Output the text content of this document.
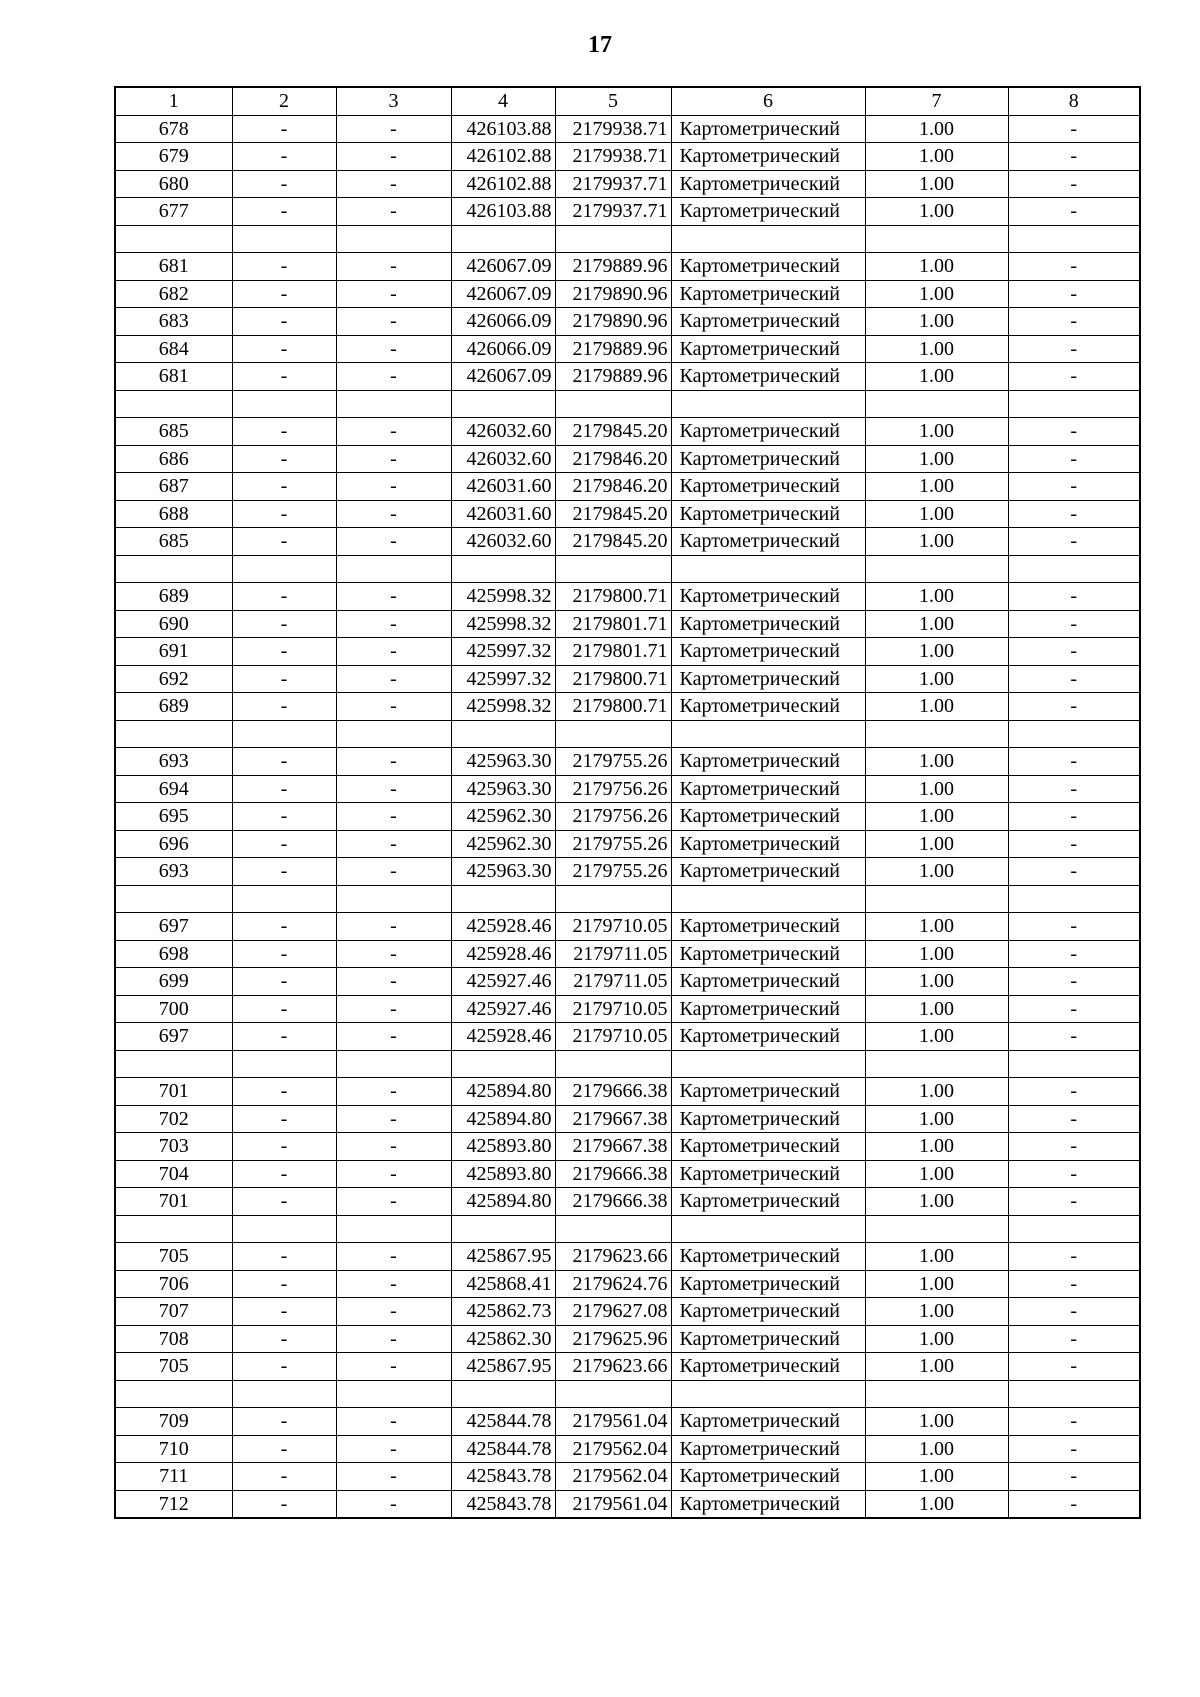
17
1	2	3	4	5	6	7	8
678	-	-	426103.88	2179938.71	Картометрический	1.00	-
679	-	-	426102.88	2179938.71	Картометрический	1.00	-
680	-	-	426102.88	2179937.71	Картометрический	1.00	-
677	-	-	426103.88	2179937.71	Картометрический	1.00	-

681	-	-	426067.09	2179889.96	Картометрический	1.00	-
682	-	-	426067.09	2179890.96	Картометрический	1.00	-
683	-	-	426066.09	2179890.96	Картометрический	1.00	-
684	-	-	426066.09	2179889.96	Картометрический	1.00	-
681	-	-	426067.09	2179889.96	Картометрический	1.00	-

685	-	-	426032.60	2179845.20	Картометрический	1.00	-
686	-	-	426032.60	2179846.20	Картометрический	1.00	-
687	-	-	426031.60	2179846.20	Картометрический	1.00	-
688	-	-	426031.60	2179845.20	Картометрический	1.00	-
685	-	-	426032.60	2179845.20	Картометрический	1.00	-

689	-	-	425998.32	2179800.71	Картометрический	1.00	-
690	-	-	425998.32	2179801.71	Картометрический	1.00	-
691	-	-	425997.32	2179801.71	Картометрический	1.00	-
692	-	-	425997.32	2179800.71	Картометрический	1.00	-
689	-	-	425998.32	2179800.71	Картометрический	1.00	-

693	-	-	425963.30	2179755.26	Картометрический	1.00	-
694	-	-	425963.30	2179756.26	Картометрический	1.00	-
695	-	-	425962.30	2179756.26	Картометрический	1.00	-
696	-	-	425962.30	2179755.26	Картометрический	1.00	-
693	-	-	425963.30	2179755.26	Картометрический	1.00	-

697	-	-	425928.46	2179710.05	Картометрический	1.00	-
698	-	-	425928.46	2179711.05	Картометрический	1.00	-
699	-	-	425927.46	2179711.05	Картометрический	1.00	-
700	-	-	425927.46	2179710.05	Картометрический	1.00	-
697	-	-	425928.46	2179710.05	Картометрический	1.00	-

701	-	-	425894.80	2179666.38	Картометрический	1.00	-
702	-	-	425894.80	2179667.38	Картометрический	1.00	-
703	-	-	425893.80	2179667.38	Картометрический	1.00	-
704	-	-	425893.80	2179666.38	Картометрический	1.00	-
701	-	-	425894.80	2179666.38	Картометрический	1.00	-

705	-	-	425867.95	2179623.66	Картометрический	1.00	-
706	-	-	425868.41	2179624.76	Картометрический	1.00	-
707	-	-	425862.73	2179627.08	Картометрический	1.00	-
708	-	-	425862.30	2179625.96	Картометрический	1.00	-
705	-	-	425867.95	2179623.66	Картометрический	1.00	-

709	-	-	425844.78	2179561.04	Картометрический	1.00	-
710	-	-	425844.78	2179562.04	Картометрический	1.00	-
711	-	-	425843.78	2179562.04	Картометрический	1.00	-
712	-	-	425843.78	2179561.04	Картометрический	1.00	-
